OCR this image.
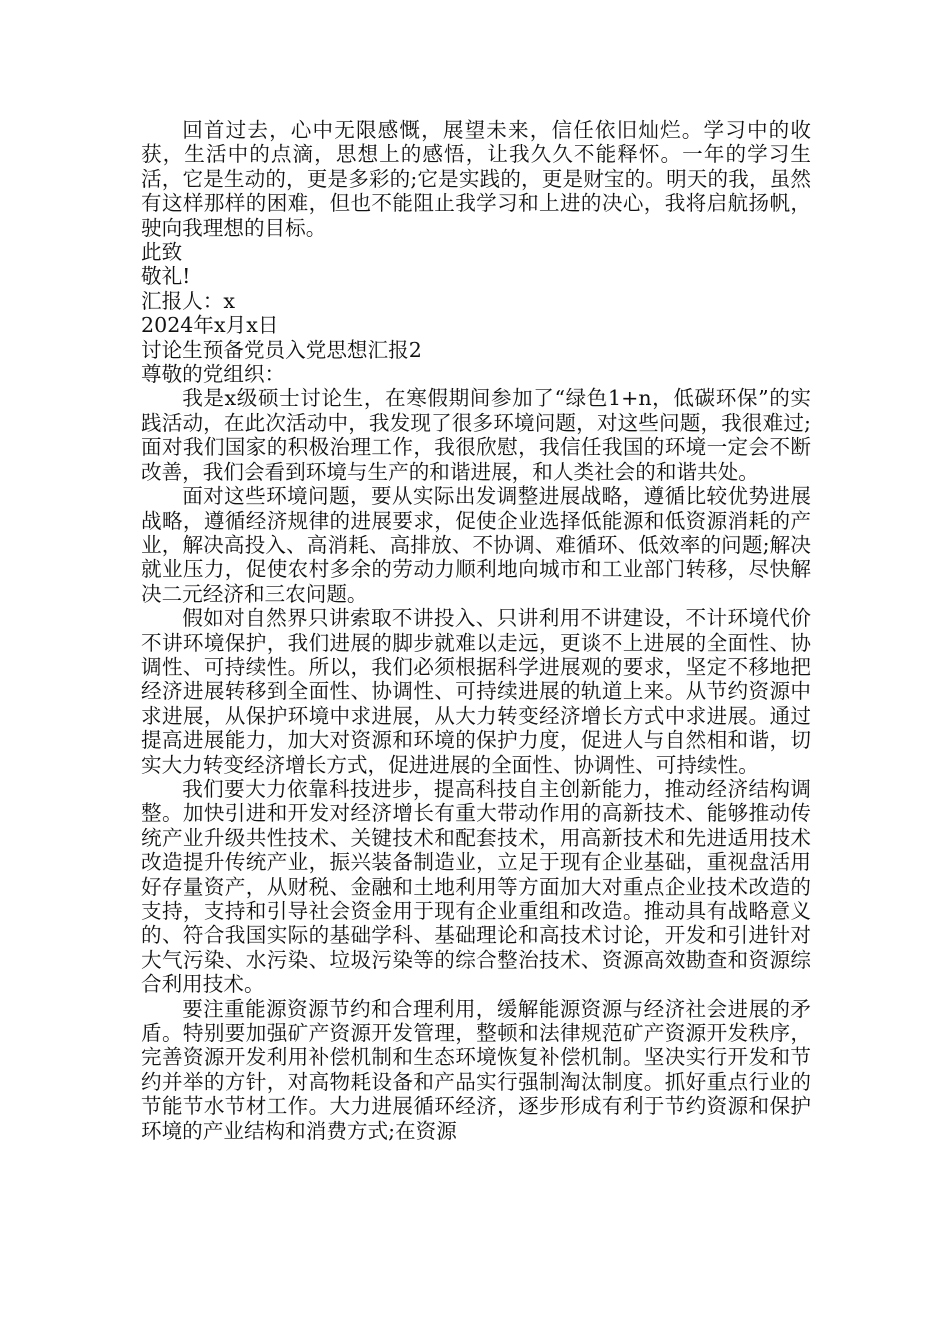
回首过去，心中无限感慨，展望未来，信任依旧灿烂。学习中的收获，生活中的点滴，思想上的感悟，让我久久不能释怀。一年的学习生活，它是生动的，更是多彩的;它是实践的，更是财宝的。明天的我，虽然有这样那样的困难，但也不能阻止我学习和上进的决心，我将启航扬帆，驶向我理想的目标。

此致

敬礼!

汇报人：x

2024年x月x日

讨论生预备党员入党思想汇报2

尊敬的党组织：

我是x级硕士讨论生，在寒假期间参加了“绿色1+n，低碳环保”的实践活动，在此次活动中，我发现了很多环境问题，对这些问题，我很难过;面对我们国家的积极治理工作，我很欣慰，我信任我国的环境一定会不断改善，我们会看到环境与生产的和谐进展，和人类社会的和谐共处。

面对这些环境问题，要从实际出发调整进展战略，遵循比较优势进展战略，遵循经济规律的进展要求，促使企业选择低能源和低资源消耗的产业，解决高投入、高消耗、高排放、不协调、难循环、低效率的问题;解决就业压力，促使农村多余的劳动力顺利地向城市和工业部门转移，尽快解决二元经济和三农问题。

假如对自然界只讲索取不讲投入、只讲利用不讲建设，不计环境代价不讲环境保护，我们进展的脚步就难以走远，更谈不上进展的全面性、协调性、可持续性。所以，我们必须根据科学进展观的要求，坚定不移地把经济进展转移到全面性、协调性、可持续进展的轨道上来。从节约资源中求进展，从保护环境中求进展，从大力转变经济增长方式中求进展。通过提高进展能力，加大对资源和环境的保护力度，促进人与自然相和谐，切实大力转变经济增长方式，促进进展的全面性、协调性、可持续性。

我们要大力依靠科技进步，提高科技自主创新能力，推动经济结构调整。加快引进和开发对经济增长有重大带动作用的高新技术、能够推动传统产业升级共性技术、关键技术和配套技术，用高新技术和先进适用技术改造提升传统产业，振兴装备制造业，立足于现有企业基础，重视盘活用好存量资产，从财税、金融和土地利用等方面加大对重点企业技术改造的支持，支持和引导社会资金用于现有企业重组和改造。推动具有战略意义的、符合我国实际的基础学科、基础理论和高技术讨论，开发和引进针对大气污染、水污染、垃圾污染等的综合整治技术、资源高效勘查和资源综合利用技术。

要注重能源资源节约和合理利用，缓解能源资源与经济社会进展的矛盾。特别要加强矿产资源开发管理，整顿和法律规范矿产资源开发秩序，完善资源开发利用补偿机制和生态环境恢复补偿机制。坚决实行开发和节约并举的方针，对高物耗设备和产品实行强制淘汰制度。抓好重点行业的节能节水节材工作。大力进展循环经济，逐步形成有利于节约资源和保护环境的产业结构和消费方式;在资源
